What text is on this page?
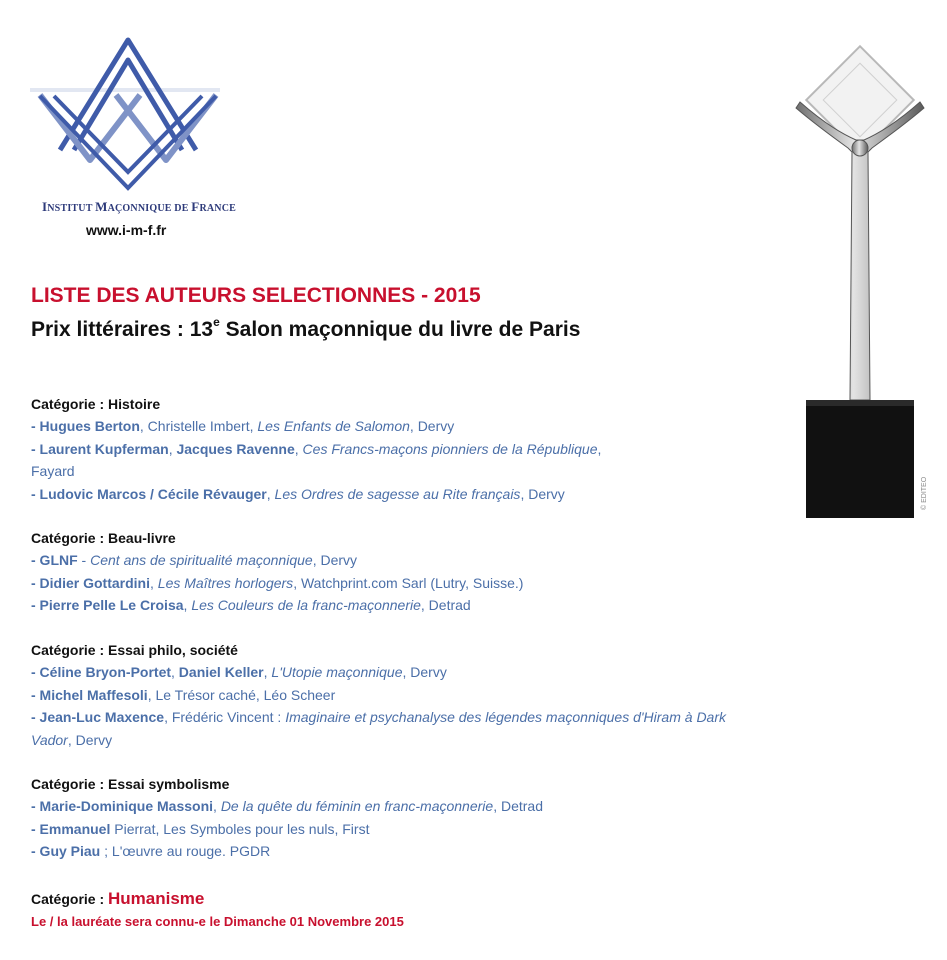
INSTITUT MAÇONNIQUE DE FRANCE
www.i-m-f.fr
© EDITEO
LISTE DES AUTEURS SELECTIONNES - 2015
Prix littéraires : 13e Salon maçonnique du livre de Paris
Catégorie : Histoire
- Hugues Berton, Christelle Imbert, Les Enfants de Salomon, Dervy
- Laurent Kupferman, Jacques Ravenne, Ces Francs-maçons pionniers de la République,
Fayard
- Ludovic Marcos / Cécile Révauger, Les Ordres de sagesse au Rite français, Dervy
Catégorie : Beau-livre
- GLNF - Cent ans de spiritualité maçonnique, Dervy
- Didier Gottardini, Les Maîtres horlogers, Watchprint.com Sarl (Lutry, Suisse.)
- Pierre Pelle Le Croisa, Les Couleurs de la franc-maçonnerie, Detrad
Catégorie : Essai philo, société
- Céline Bryon-Portet, Daniel Keller, L'Utopie maçonnique, Dervy
- Michel Maffesoli, Le Trésor caché, Léo Scheer
- Jean-Luc Maxence, Frédéric Vincent : Imaginaire et psychanalyse des légendes maçonniques d'Hiram à Dark
Vador, Dervy
Catégorie : Essai symbolisme
- Marie-Dominique Massoni, De la quête du féminin en franc-maçonnerie, Detrad
- Emmanuel Pierrat, Les Symboles pour les nuls, First
- Guy Piau ; L'œuvre au rouge. PGDR
Catégorie : Humanisme
Le / la lauréate sera connu-e le Dimanche 01 Novembre 2015
